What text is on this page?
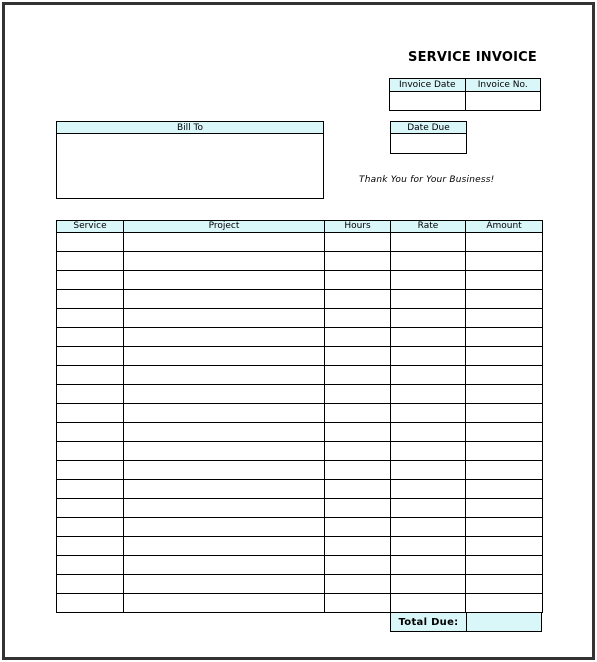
SERVICE INVOICE
Invoice Date	Invoice No.

Bill To	Date Due
Thank You for Your Business!
Service	Project	Hours	Rate	Amount

Total Due:
